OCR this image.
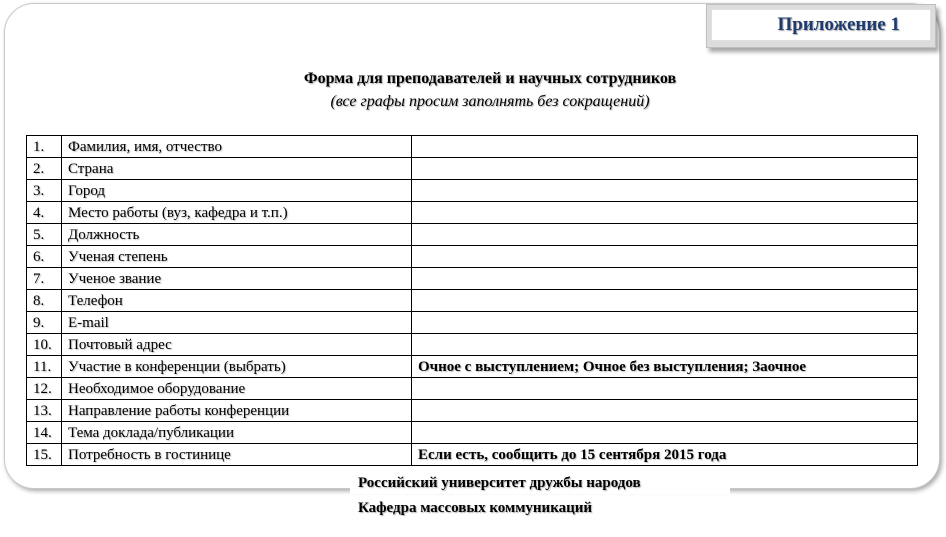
Приложение 1
Форма для преподавателей и научных сотрудников
(все графы просим заполнять без сокращений)
1.	Фамилия, имя, отчество	
2.	Страна	
3.	Город	
4.	Место работы (вуз, кафедра и т.п.)	
5.	Должность	
6.	Ученая степень	
7.	Ученое звание	
8.	Телефон	
9.	E-mail	
10.	Почтовый адрес	
11.	Участие в конференции (выбрать)	Очное с выступлением; Очное без выступления; Заочное
12.	Необходимое оборудование	
13.	Направление работы конференции	
14.	Тема доклада/публикации	
15.	Потребность в гостинице	Если есть, сообщить до 15 сентября 2015 года
Российский университет дружбы народов
Кафедра массовых коммуникаций
